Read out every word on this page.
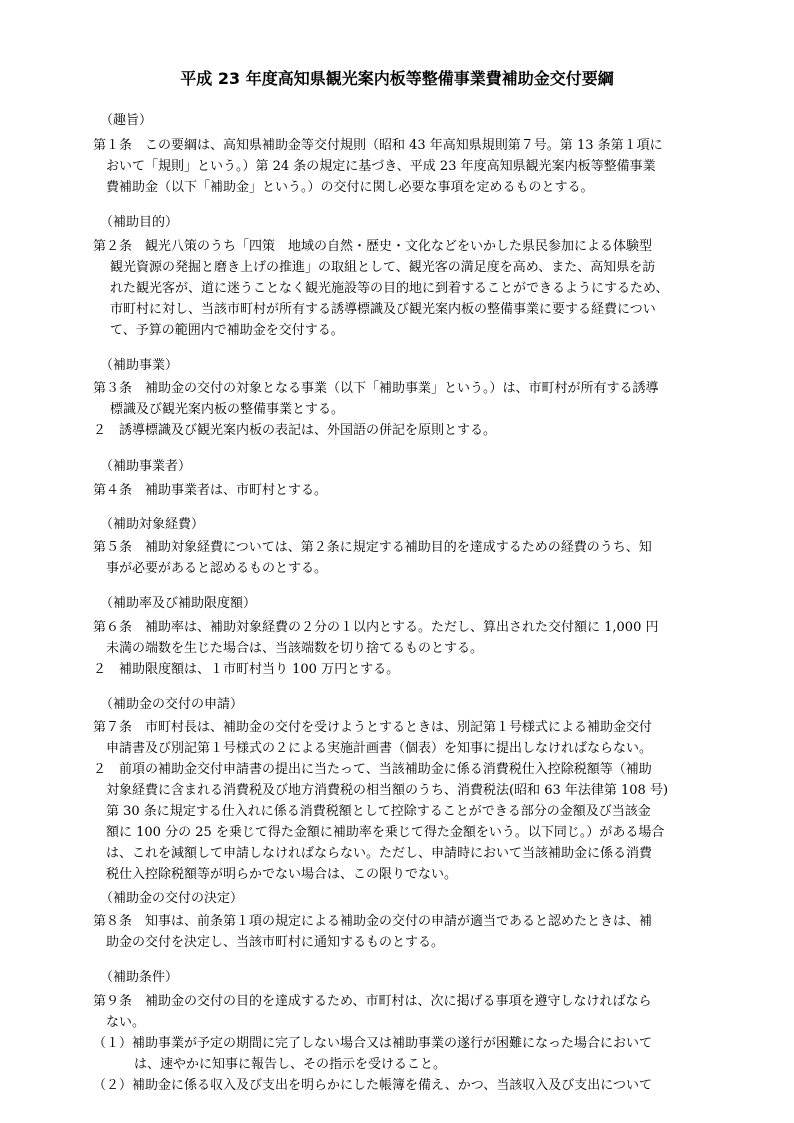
平成 23 年度高知県観光案内板等整備事業費補助金交付要綱
（趣旨）
第１条　この要綱は、高知県補助金等交付規則（昭和 43 年高知県規則第７号。第 13 条第１項に
おいて「規則」という。）第 24 条の規定に基づき、平成 23 年度高知県観光案内板等整備事業
費補助金（以下「補助金」という。）の交付に関し必要な事項を定めるものとする。
（補助目的）
第２条　観光八策のうち「四策　地域の自然・歴史・文化などをいかした県民参加による体験型
観光資源の発掘と磨き上げの推進」の取組として、観光客の満足度を高め、また、高知県を訪
れた観光客が、道に迷うことなく観光施設等の目的地に到着することができるようにするため、
市町村に対し、当該市町村が所有する誘導標識及び観光案内板の整備事業に要する経費につい
て、予算の範囲内で補助金を交付する。
（補助事業）
第３条　補助金の交付の対象となる事業（以下「補助事業」という。）は、市町村が所有する誘導
標識及び観光案内板の整備事業とする。
２　誘導標識及び観光案内板の表記は、外国語の併記を原則とする。
（補助事業者）
第４条　補助事業者は、市町村とする。
（補助対象経費）
第５条　補助対象経費については、第２条に規定する補助目的を達成するための経費のうち、知
事が必要があると認めるものとする。
（補助率及び補助限度額）
第６条　補助率は、補助対象経費の２分の１以内とする。ただし、算出された交付額に 1,000 円
未満の端数を生じた場合は、当該端数を切り捨てるものとする。
２　補助限度額は、１市町村当り 100 万円とする。
（補助金の交付の申請）
第７条　市町村長は、補助金の交付を受けようとするときは、別記第１号様式による補助金交付
申請書及び別記第１号様式の２による実施計画書（個表）を知事に提出しなければならない。
２　前項の補助金交付申請書の提出に当たって、当該補助金に係る消費税仕入控除税額等（補助
対象経費に含まれる消費税及び地方消費税の相当額のうち、消費税法(昭和 63 年法律第 108 号)
第 30 条に規定する仕入れに係る消費税額として控除することができる部分の金額及び当該金
額に 100 分の 25 を乗じて得た金額に補助率を乗じて得た金額をいう。以下同じ。）がある場合
は、これを減額して申請しなければならない。ただし、申請時において当該補助金に係る消費
税仕入控除税額等が明らかでない場合は、この限りでない。
（補助金の交付の決定）
第８条　知事は、前条第１項の規定による補助金の交付の申請が適当であると認めたときは、補
助金の交付を決定し、当該市町村に通知するものとする。
（補助条件）
第９条　補助金の交付の目的を達成するため、市町村は、次に掲げる事項を遵守しなければなら
ない。
（１）補助事業が予定の期間に完了しない場合又は補助事業の遂行が困難になった場合において
は、速やかに知事に報告し、その指示を受けること。
（２）補助金に係る収入及び支出を明らかにした帳簿を備え、かつ、当該収入及び支出について
